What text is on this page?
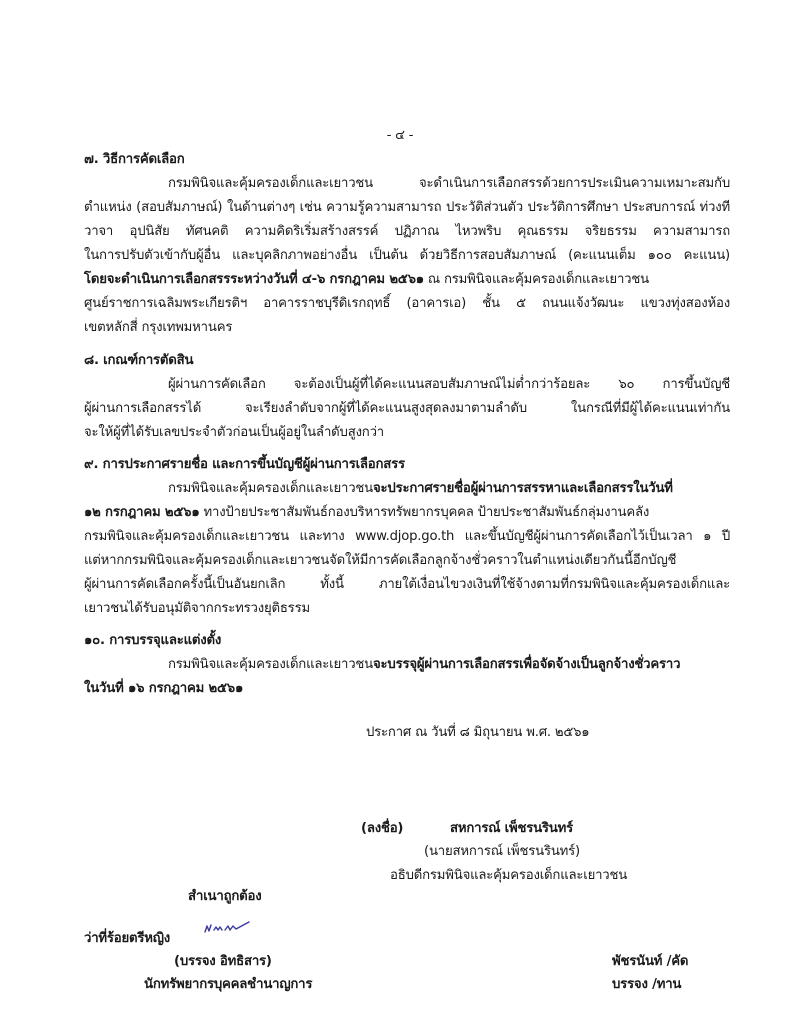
- ๔ -
๗. วิธีการคัดเลือก
กรมพินิจและคุ้มครองเด็กและเยาวชน จะดำเนินการเลือกสรรด้วยการประเมินความเหมาะสมกับ
ตำแหน่ง (สอบสัมภาษณ์) ในด้านต่างๆ เช่น ความรู้ความสามารถ ประวัติส่วนตัว ประวัติการศึกษา ประสบการณ์ ท่วงที
วาจา อุปนิสัย ทัศนคติ ความคิดริเริ่มสร้างสรรค์ ปฏิภาณ ไหวพริบ คุณธรรม จริยธรรม ความสามารถ
ในการปรับตัวเข้ากับผู้อื่น และบุคลิกภาพอย่างอื่น เป็นต้น ด้วยวิธีการสอบสัมภาษณ์ (คะแนนเต็ม ๑๐๐ คะแนน)
โดยจะดำเนินการเลือกสรรระหว่างวันที่ ๔-๖ กรกฎาคม ๒๕๖๑ ณ กรมพินิจและคุ้มครองเด็กและเยาวชน
ศูนย์ราชการเฉลิมพระเกียรติฯ อาคารราชบุรีดิเรกฤทธิ์ (อาคารเอ) ชั้น ๕ ถนนแจ้งวัฒนะ แขวงทุ่งสองห้อง
เขตหลักสี่ กรุงเทพมหานคร
๘. เกณฑ์การตัดสิน
ผู้ผ่านการคัดเลือก จะต้องเป็นผู้ที่ได้คะแนนสอบสัมภาษณ์ไม่ต่ำกว่าร้อยละ ๖๐ การขึ้นบัญชี
ผู้ผ่านการเลือกสรรได้ จะเรียงลำดับจากผู้ที่ได้คะแนนสูงสุดลงมาตามลำดับ ในกรณีที่มีผู้ได้คะแนนเท่ากัน
จะให้ผู้ที่ได้รับเลขประจำตัวก่อนเป็นผู้อยู่ในลำดับสูงกว่า
๙. การประกาศรายชื่อ และการขึ้นบัญชีผู้ผ่านการเลือกสรร
กรมพินิจและคุ้มครองเด็กและเยาวชนจะประกาศรายชื่อผู้ผ่านการสรรหาและเลือกสรรในวันที่
๑๒ กรกฎาคม ๒๕๖๑ ทางป้ายประชาสัมพันธ์กองบริหารทรัพยากรบุคคล ป้ายประชาสัมพันธ์กลุ่มงานคลัง
กรมพินิจและคุ้มครองเด็กและเยาวชน และทาง www.djop.go.th และขึ้นบัญชีผู้ผ่านการคัดเลือกไว้เป็นเวลา ๑ ปี
แต่หากกรมพินิจและคุ้มครองเด็กและเยาวชนจัดให้มีการคัดเลือกลูกจ้างชั่วคราวในตำแหน่งเดียวกันนี้อีกบัญชี
ผู้ผ่านการคัดเลือกครั้งนี้เป็นอันยกเลิก ทั้งนี้ ภายใต้เงื่อนไขวงเงินที่ใช้จ้างตามที่กรมพินิจและคุ้มครองเด็กและ
เยาวชนได้รับอนุมัติจากกระทรวงยุติธรรม
๑๐. การบรรจุและแต่งตั้ง
กรมพินิจและคุ้มครองเด็กและเยาวชนจะบรรจุผู้ผ่านการเลือกสรรเพื่อจัดจ้างเป็นลูกจ้างชั่วคราว
ในวันที่ ๑๖ กรกฎาคม ๒๕๖๑
ประกาศ ณ วันที่ ๘ มิถุนายน พ.ศ. ๒๕๖๑
(ลงชื่อ)	สหการณ์ เพ็ชรนรินทร์
(นายสหการณ์ เพ็ชรนรินทร์)
อธิบดีกรมพินิจและคุ้มครองเด็กและเยาวชน
สำเนาถูกต้อง
ว่าที่ร้อยตรีหญิง
(บรรจง อิทธิสาร)
นักทรัพยากรบุคคลชำนาญการ
พัชรนันท์ /คัด
บรรจง /ทาน
